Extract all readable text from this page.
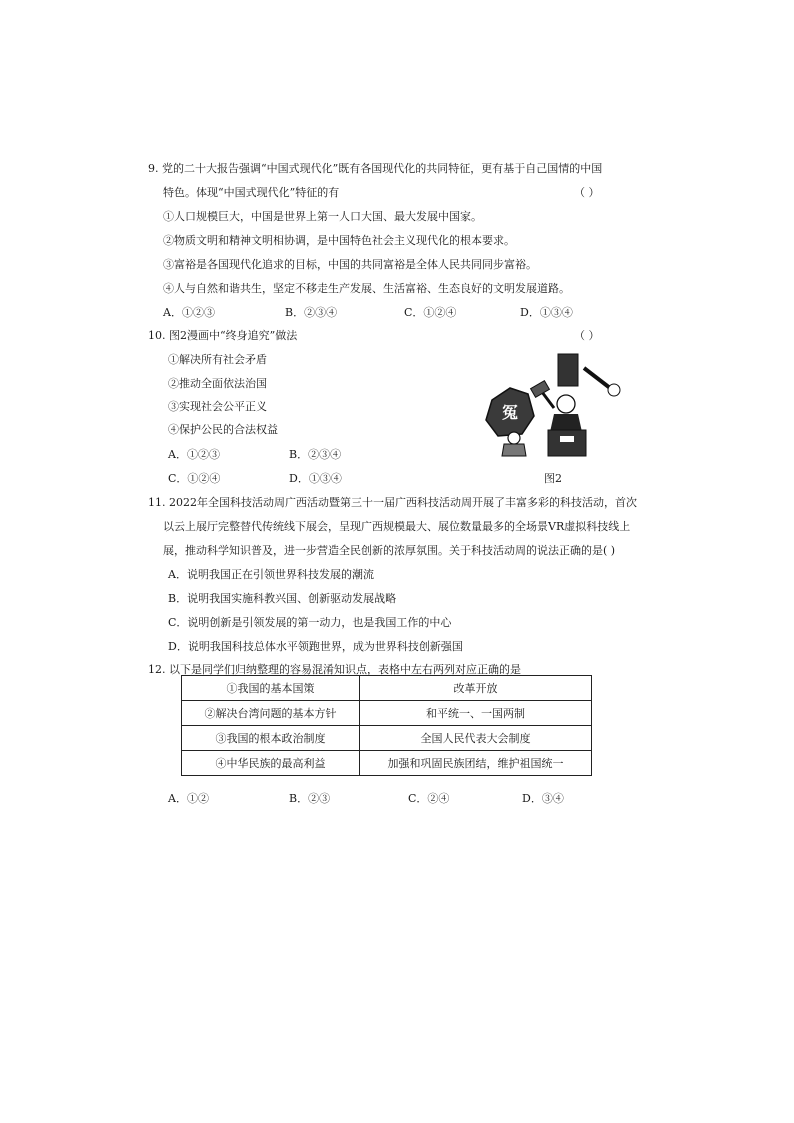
9. 党的二十大报告强调“中国式现代化”既有各国现代化的共同特征，更有基于自己国情的中国
特色。体现“中国式现代化”特征的有	（ ）
①人口规模巨大，中国是世界上第一人口大国、最大发展中国家。
②物质文明和精神文明相协调，是中国特色社会主义现代化的根本要求。
③富裕是各国现代化追求的目标，中国的共同富裕是全体人民共同同步富裕。
④人与自然和谐共生，坚定不移走生产发展、生活富裕、生态良好的文明发展道路。
A．①②③	B．②③④	C．①②④	D．①③④
10. 图2漫画中“终身追究”做法	（ ）
①解决所有社会矛盾
②推动全面依法治国
③实现社会公平正义
④保护公民的合法权益
A．①②③	B．②③④
C．①②④	D．①③④
冤
图2
11. 2022年全国科技活动周广西活动暨第三十一届广西科技活动周开展了丰富多彩的科技活动，首次
以云上展厅完整替代传统线下展会，呈现广西规模最大、展位数量最多的全场景VR虚拟科技线上
展，推动科学知识普及，进一步营造全民创新的浓厚氛围。关于科技活动周的说法正确的是( )
A．说明我国正在引领世界科技发展的潮流
B．说明我国实施科教兴国、创新驱动发展战略
C．说明创新是引领发展的第一动力，也是我国工作的中心
D．说明我国科技总体水平领跑世界，成为世界科技创新强国
12. 以下是同学们归纳整理的容易混淆知识点，表格中左右两列对应正确的是
①我国的基本国策	改革开放
②解决台湾问题的基本方针	和平统一、一国两制
③我国的根本政治制度	全国人民代表大会制度
④中华民族的最高利益	加强和巩固民族团结，维护祖国统一
A．①②	B．②③	C．②④	D．③④
